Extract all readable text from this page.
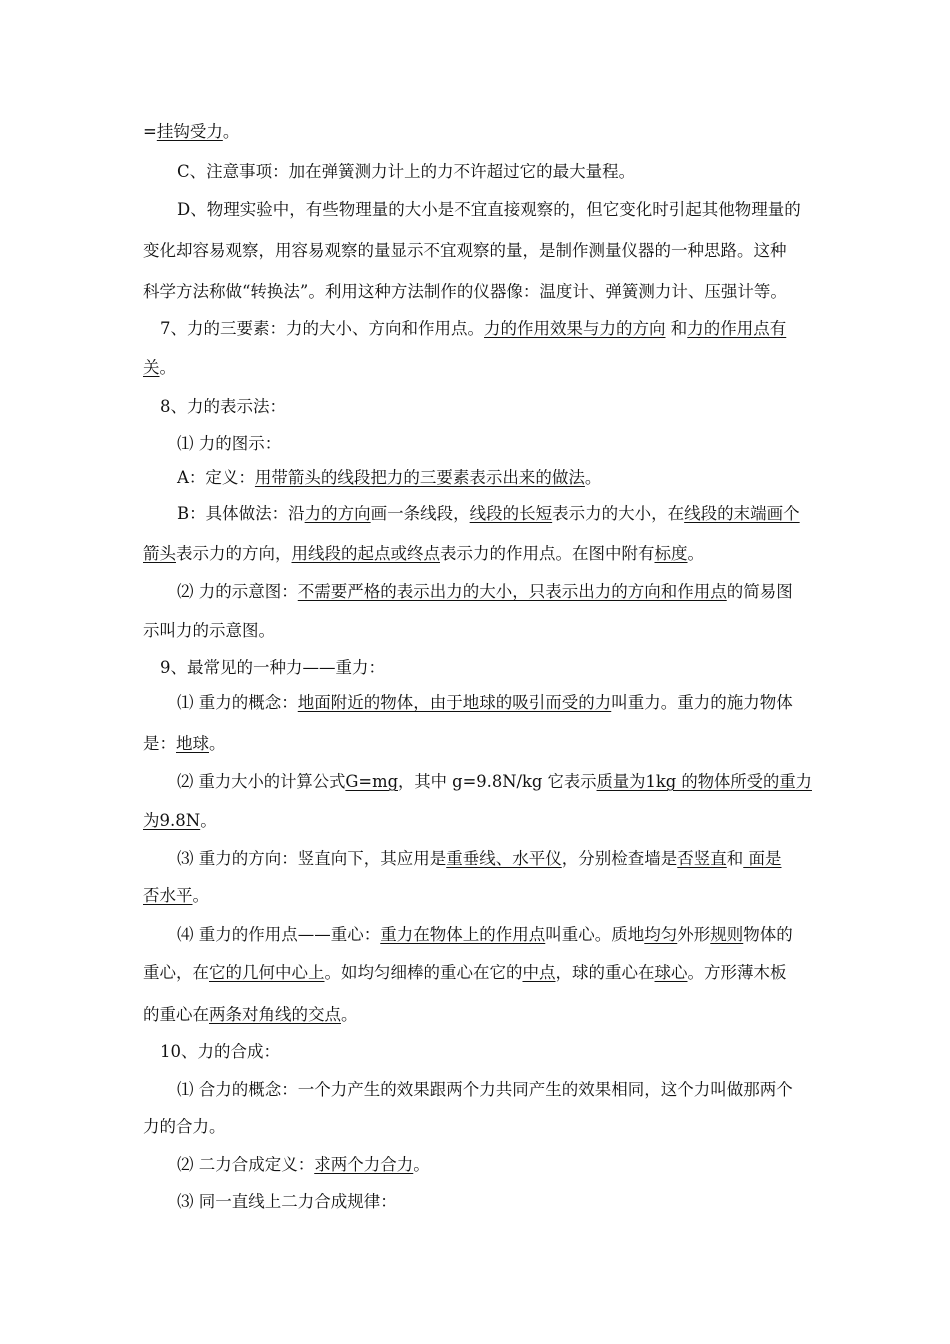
=挂钩受力。
C、注意事项：加在弹簧测力计上的力不许超过它的最大量程。
D、物理实验中，有些物理量的大小是不宜直接观察的，但它变化时引起其他物理量的
变化却容易观察，用容易观察的量显示不宜观察的量，是制作测量仪器的一种思路。这种
科学方法称做“转换法”。利用这种方法制作的仪器像：温度计、弹簧测力计、压强计等。
7、力的三要素：力的大小、方向和作用点。力的作用效果与力的方向 和力的作用点有
关。
8、力的表示法：
⑴ 力的图示：
A：定义：用带箭头的线段把力的三要素表示出来的做法。
B：具体做法：沿力的方向画一条线段，线段的长短表示力的大小，在线段的末端画个
箭头表示力的方向，用线段的起点或终点表示力的作用点。在图中附有标度。
⑵ 力的示意图：不需要严格的表示出力的大小，只表示出力的方向和作用点的简易图
示叫力的示意图。
9、最常见的一种力——重力：
⑴ 重力的概念：地面附近的物体，由于地球的吸引而受的力叫重力。重力的施力物体
是：地球。
⑵ 重力大小的计算公式G=mg，其中 g=9.8N/kg 它表示质量为1kg 的物体所受的重力
为9.8N。
⑶ 重力的方向：竖直向下，其应用是重垂线、水平仪，分别检查墙是否竖直和 面是
否水平。
⑷ 重力的作用点——重心：重力在物体上的作用点叫重心。质地均匀外形规则物体的
重心，在它的几何中心上。如均匀细棒的重心在它的中点，球的重心在球心。方形薄木板
的重心在两条对角线的交点。
10、力的合成：
⑴ 合力的概念：一个力产生的效果跟两个力共同产生的效果相同，这个力叫做那两个
力的合力。
⑵ 二力合成定义：求两个力合力。
⑶ 同一直线上二力合成规律：
